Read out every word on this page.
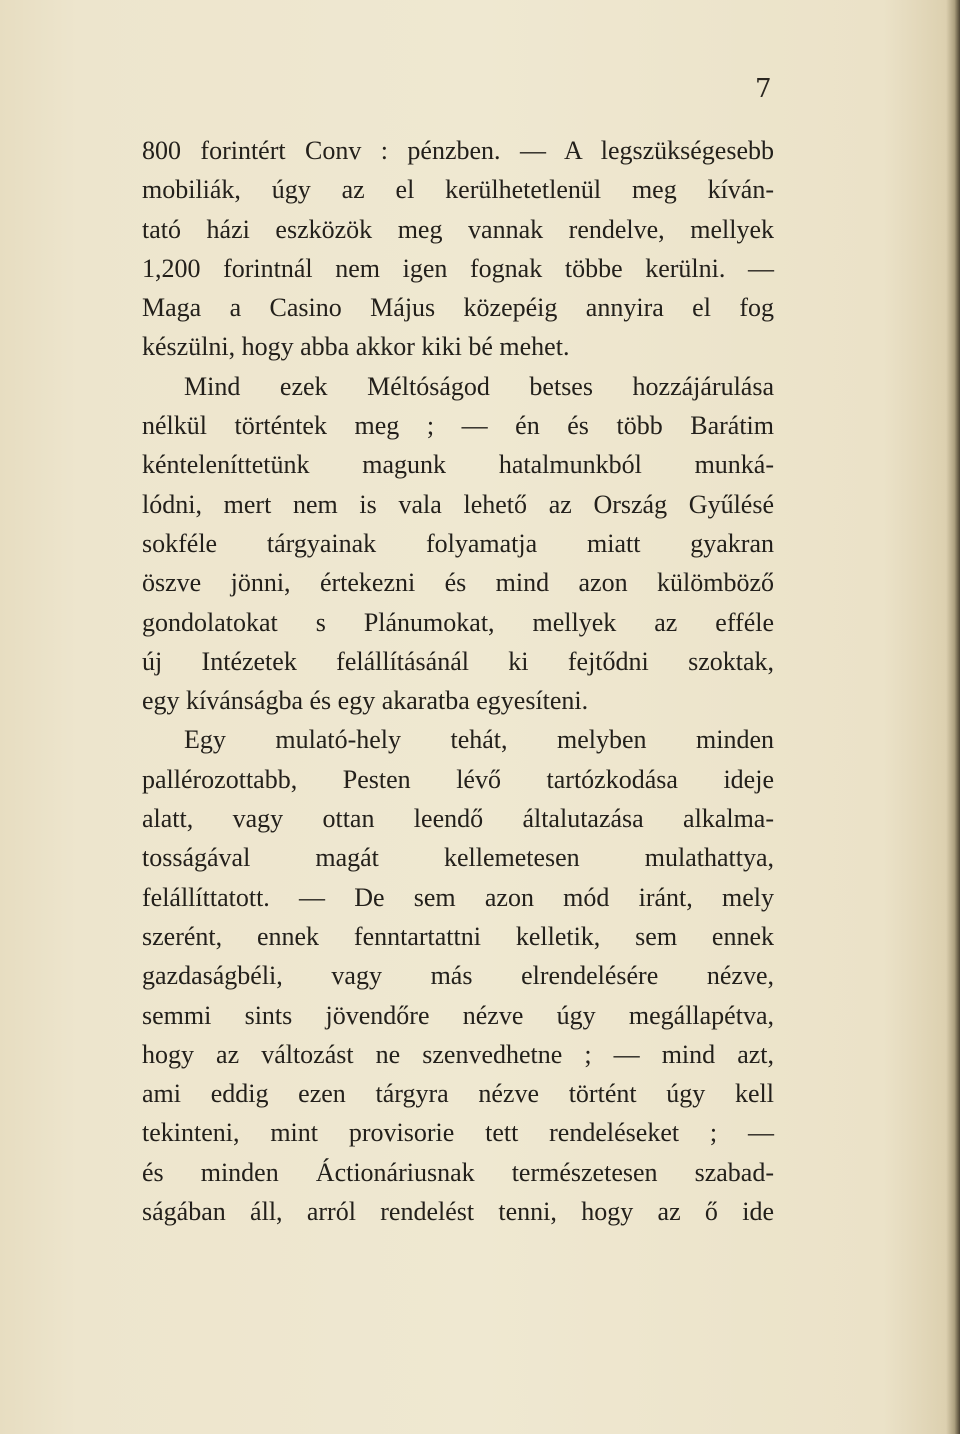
7
800 forintért Conv : pénzben. — A legszükségesebb
mobiliák, úgy az el kerülhetetlenül meg kíván-
tató házi eszközök meg vannak rendelve, mellyek
1,200 forintnál nem igen fognak többe kerülni. —
Maga a Casino Május közepéig annyira el fog
készülni, hogy abba akkor kiki bé mehet.
Mind ezek Méltóságod betses hozzájárulása
nélkül történtek meg ; — én és több Barátim
kénteleníttetünk magunk hatalmunkból munká-
lódni, mert nem is vala lehető az Ország Gyűlésé
sokféle tárgyainak folyamatja miatt gyakran
öszve jönni, értekezni és mind azon külömböző
gondolatokat s Plánumokat, mellyek az efféle
új Intézetek felállításánál ki fejtődni szoktak,
egy kívánságba és egy akaratba egyesíteni.
Egy mulató-hely tehát, melyben minden
pallérozottabb, Pesten lévő tartózkodása ideje
alatt, vagy ottan leendő általutazása alkalma-
tosságával magát kellemetesen mulathattya,
felállíttatott. — De sem azon mód iránt, mely
szerént, ennek fenntartattni kelletik, sem ennek
gazdaságbéli, vagy más elrendelésére nézve,
semmi sints jövendőre nézve úgy megállapétva,
hogy az változást ne szenvedhetne ; — mind azt,
ami eddig ezen tárgyra nézve történt úgy kell
tekinteni, mint provisorie tett rendeléseket ; —
és minden Áctionáriusnak természetesen szabad-
ságában áll, arról rendelést tenni, hogy az ő ide
